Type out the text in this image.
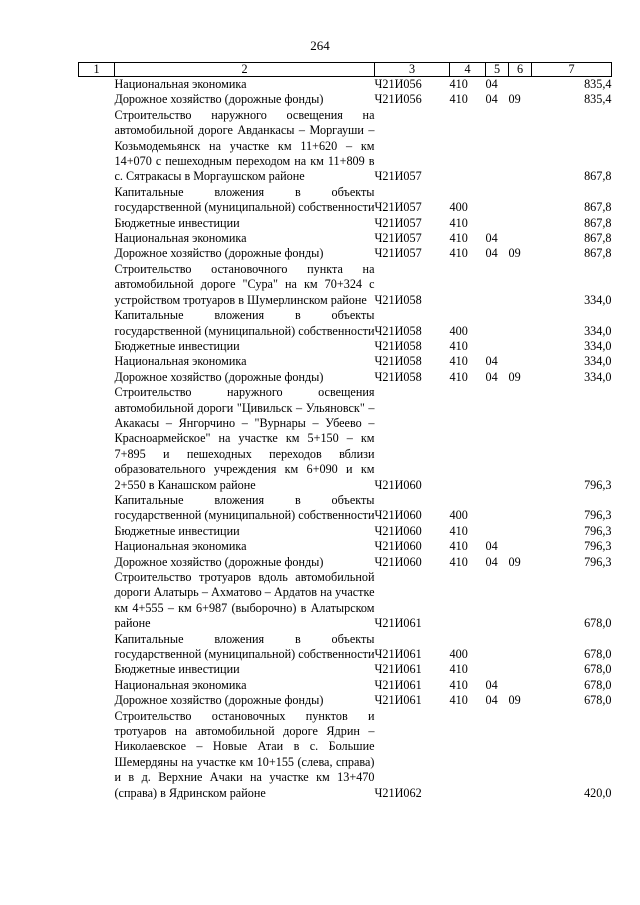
264
1	2	3	4	5	6	7
	Национальная экономика	Ч21И056	410	04		835,4
	Дорожное хозяйство (дорожные фонды)	Ч21И056	410	04	09	835,4
	Строительство наружного освещения на автомобильной дороге Авданкасы – Моргауши – Козьмодемьянск на участке км 11+620 – км 14+070 с пешеходным переходом на км 11+809 в с. Сятракасы в Моргаушском районе	Ч21И057				867,8
	Капитальные вложения в объекты государственной (муниципальной) собственности	Ч21И057	400			867,8
	Бюджетные инвестиции	Ч21И057	410			867,8
	Национальная экономика	Ч21И057	410	04		867,8
	Дорожное хозяйство (дорожные фонды)	Ч21И057	410	04	09	867,8
	Строительство остановочного пункта на автомобильной дороге "Сура" на км 70+324 с устройством тротуаров в Шумерлинском районе	Ч21И058				334,0
	Капитальные вложения в объекты государственной (муниципальной) собственности	Ч21И058	400			334,0
	Бюджетные инвестиции	Ч21И058	410			334,0
	Национальная экономика	Ч21И058	410	04		334,0
	Дорожное хозяйство (дорожные фонды)	Ч21И058	410	04	09	334,0
	Строительство наружного освещения автомобильной дороги "Цивильск – Ульяновск" – Акакасы – Янгорчино – "Вурнары – Убеево – Красноармейское" на участке км 5+150 – км 7+895 и пешеходных переходов вблизи образовательного учреждения км 6+090 и км 2+550 в Канашском районе	Ч21И060				796,3
	Капитальные вложения в объекты государственной (муниципальной) собственности	Ч21И060	400			796,3
	Бюджетные инвестиции	Ч21И060	410			796,3
	Национальная экономика	Ч21И060	410	04		796,3
	Дорожное хозяйство (дорожные фонды)	Ч21И060	410	04	09	796,3
	Строительство тротуаров вдоль автомобильной дороги Алатырь – Ахматово – Ардатов на участке км 4+555 – км 6+987 (выборочно) в Алатырском районе	Ч21И061				678,0
	Капитальные вложения в объекты государственной (муниципальной) собственности	Ч21И061	400			678,0
	Бюджетные инвестиции	Ч21И061	410			678,0
	Национальная экономика	Ч21И061	410	04		678,0
	Дорожное хозяйство (дорожные фонды)	Ч21И061	410	04	09	678,0
	Строительство остановочных пунктов и тротуаров на автомобильной дороге Ядрин – Николаевское – Новые Атаи в с. Большие Шемердяны на участке км 10+155 (слева, справа) и в д. Верхние Ачаки на участке км 13+470 (справа) в Ядринском районе	Ч21И062				420,0
